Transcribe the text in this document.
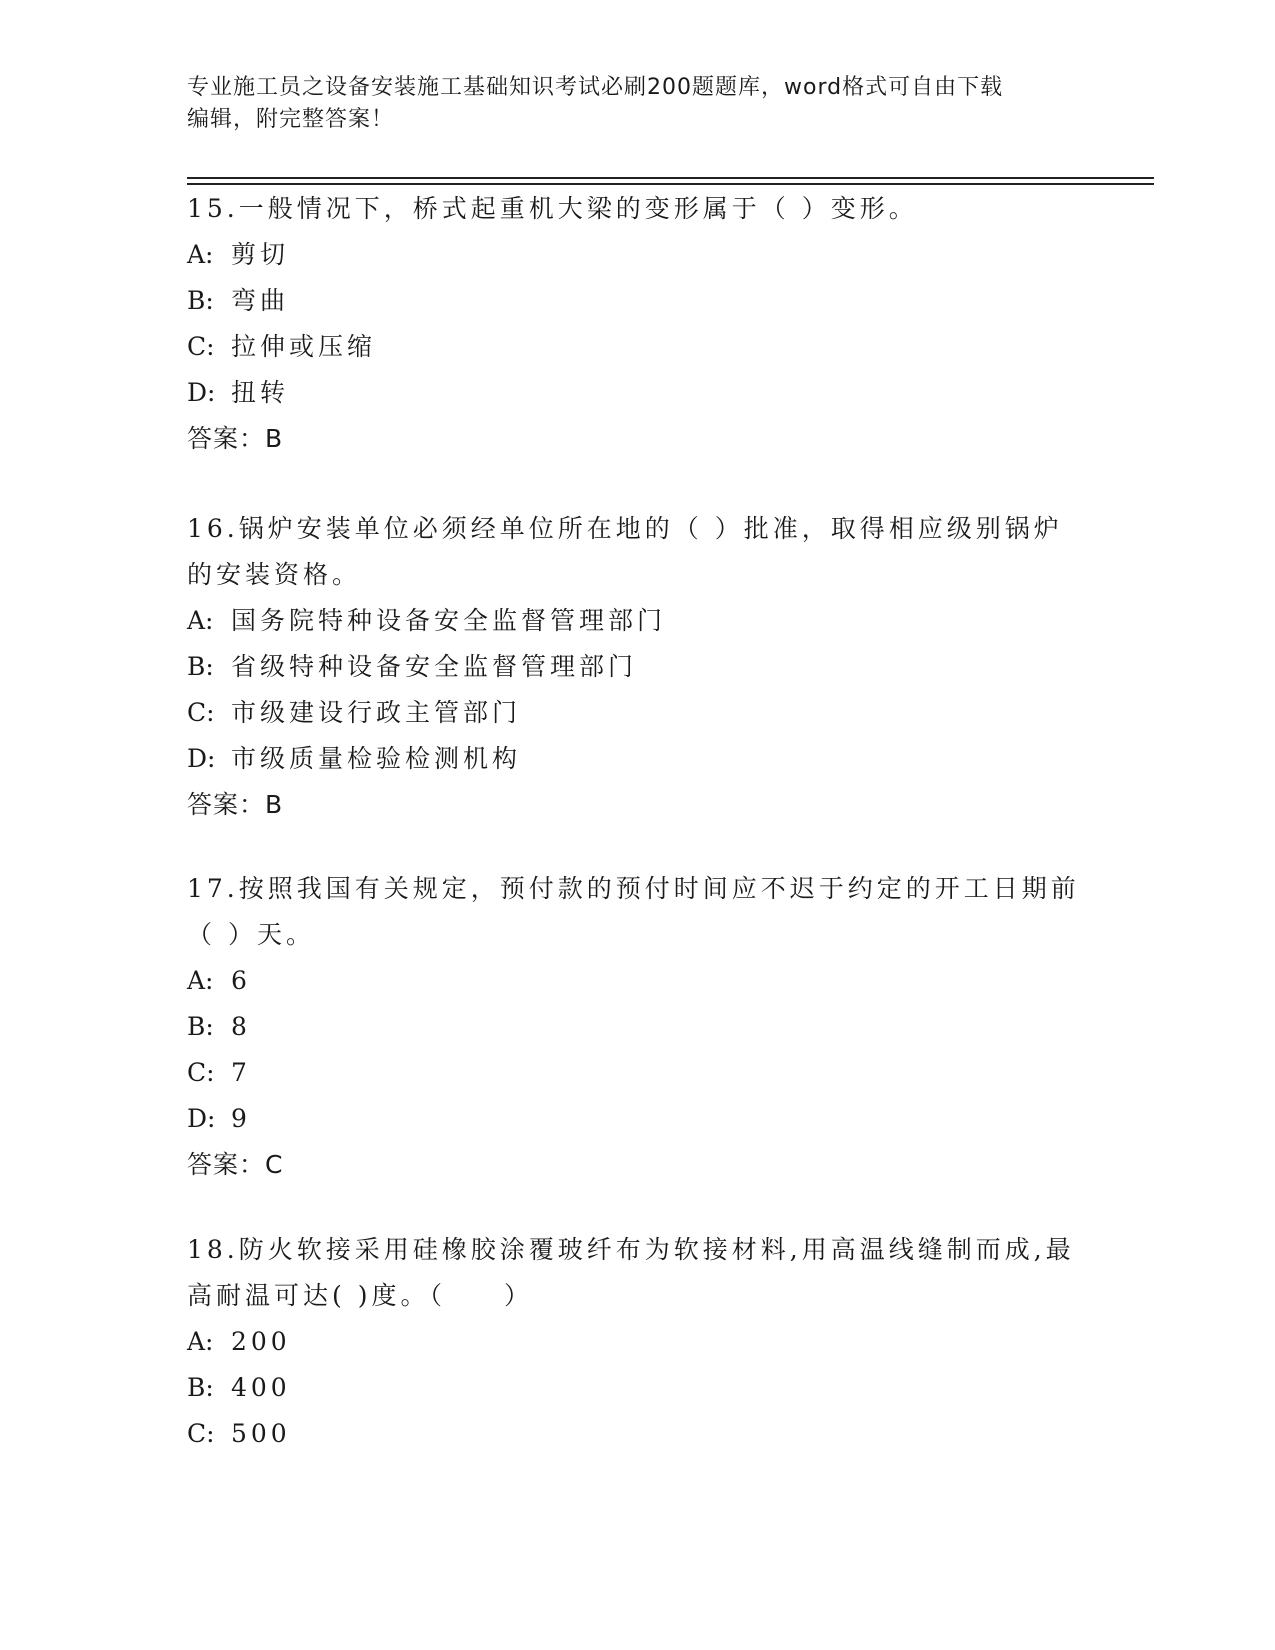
专业施工员之设备安装施工基础知识考试必刷200题题库，word格式可自由下载
编辑，附完整答案！
15.一般情况下，桥式起重机大梁的变形属于（ ）变形。
A: 剪切
B: 弯曲
C: 拉伸或压缩
D: 扭转
答案：B
16.锅炉安装单位必须经单位所在地的（ ）批准，取得相应级别锅炉
的安装资格。
A: 国务院特种设备安全监督管理部门
B: 省级特种设备安全监督管理部门
C: 市级建设行政主管部门
D: 市级质量检验检测机构
答案：B
17.按照我国有关规定，预付款的预付时间应不迟于约定的开工日期前
（ ）天。
A: 6
B: 8
C: 7
D: 9
答案：C
18.防火软接采用硅橡胶涂覆玻纤布为软接材料,用高温线缝制而成,最
高耐温可达( )度。（　　）
A: 200
B: 400
C: 500
